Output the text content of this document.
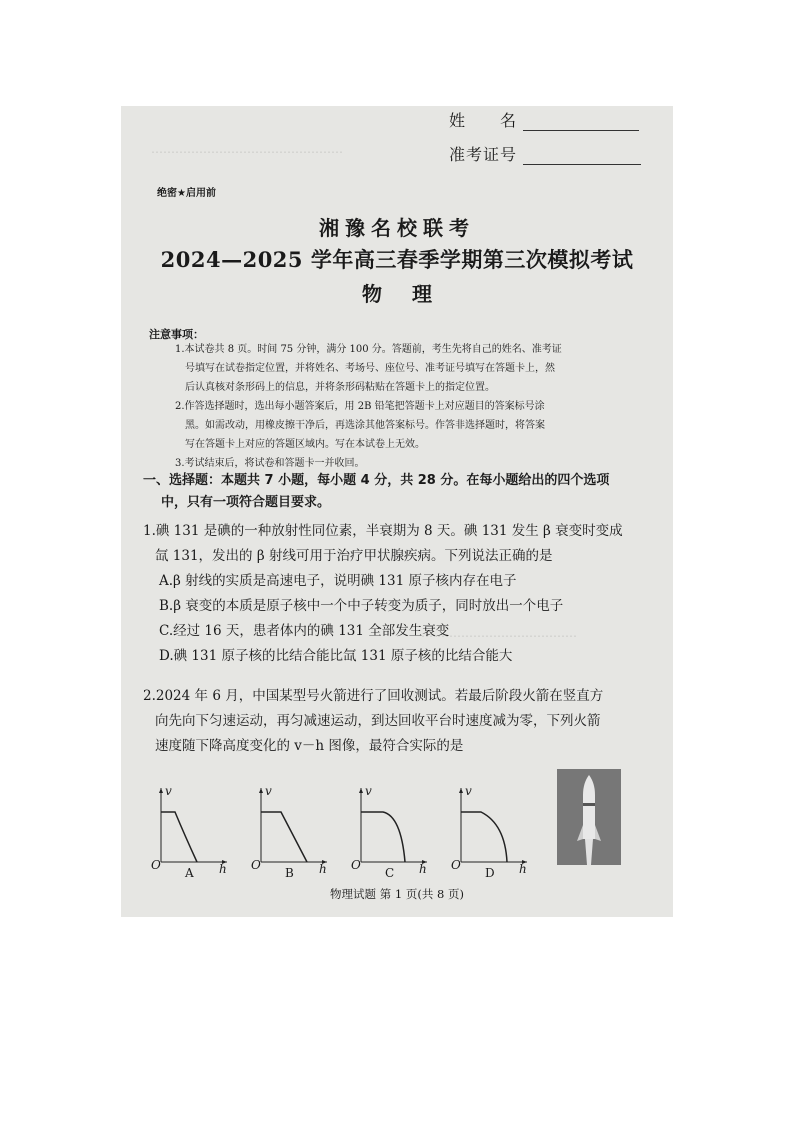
…………………………………………
…………………………………
姓　　名
准考证号
绝密★启用前
湘豫名校联考
2024—2025 学年高三春季学期第三次模拟考试
物理
注意事项：

1.本试卷共 8 页。时间 75 分钟，满分 100 分。答题前，考生先将自己的姓名、准考证

号填写在试卷指定位置，并将姓名、考场号、座位号、准考证号填写在答题卡上，然

后认真核对条形码上的信息，并将条形码粘贴在答题卡上的指定位置。

2.作答选择题时，选出每小题答案后，用 2B 铅笔把答题卡上对应题目的答案标号涂

黑。如需改动，用橡皮擦干净后，再选涂其他答案标号。作答非选择题时，将答案

写在答题卡上对应的答题区域内。写在本试卷上无效。

3.考试结束后，将试卷和答题卡一并收回。

一、选择题：本题共 7 小题，每小题 4 分，共 28 分。在每小题给出的四个选项
中，只有一项符合题目要求。

1.碘 131 是碘的一种放射性同位素，半衰期为 8 天。碘 131 发生 β 衰变时变成

氙 131，发出的 β 射线可用于治疗甲状腺疾病。下列说法正确的是

A.β 射线的实质是高速电子，说明碘 131 原子核内存在电子

B.β 衰变的本质是原子核中一个中子转变为质子，同时放出一个电子

C.经过 16 天，患者体内的碘 131 全部发生衰变

D.碘 131 原子核的比结合能比氙 131 原子核的比结合能大

2.2024 年 6 月，中国某型号火箭进行了回收测试。若最后阶段火箭在竖直方

向先向下匀速运动，再匀减速运动，到达回收平台时速度减为零，下列火箭

速度随下降高度变化的 v－h 图像，最符合实际的是

v
h
O
A
v
h
O
B
v
h
O
C
v
h
O
D
物理试题 第 1 页(共 8 页)
